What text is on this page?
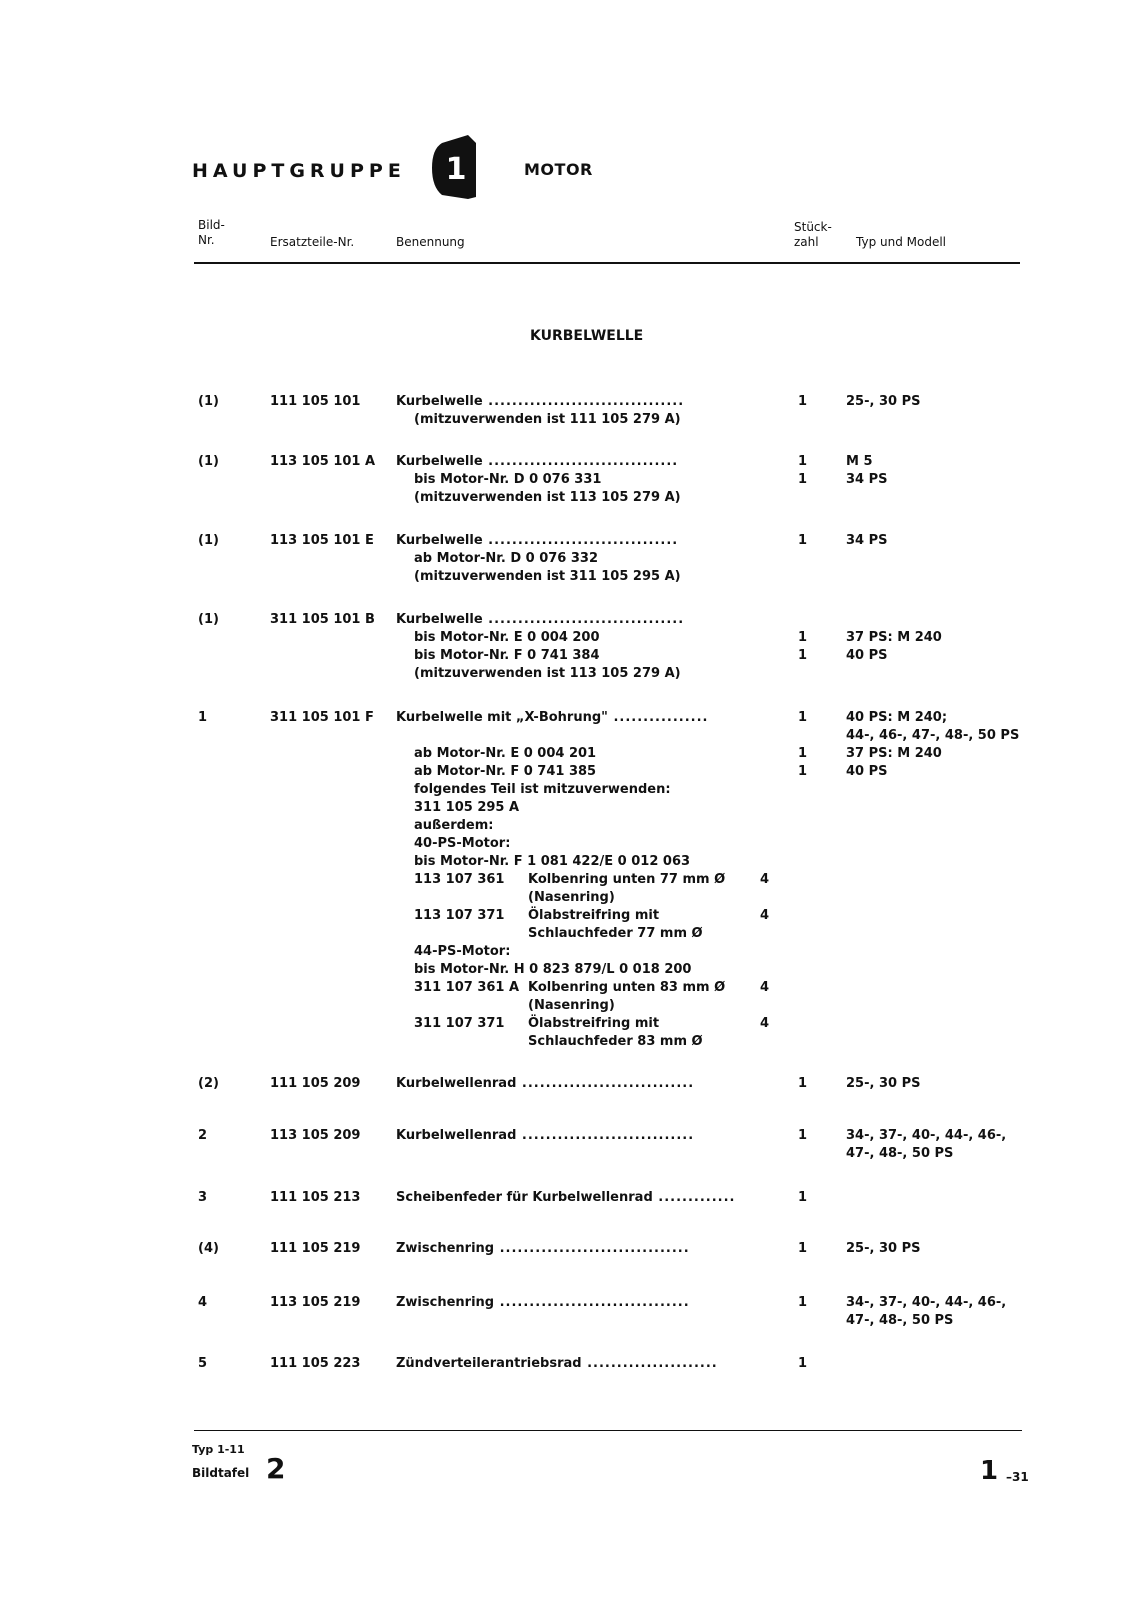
HAUPTGRUPPE 1	MOTOR
Bild-
Nr.	Ersatzteile-Nr.	Benennung
Stück-
zahl	Typ und Modell
KURBELWELLE
(1)	111 105 101	Kurbelwelle .................................	1	25-, 30 PS
(mitzuverwenden ist 111 105 279 A)
(1)	113 105 101 A Kurbelwelle ................................	1	M 5
bis Motor-Nr. D 0 076 331	1	34 PS
(mitzuverwenden ist 113 105 279 A)
(1)	113 105 101 E Kurbelwelle ................................	1	34 PS
ab Motor-Nr. D 0 076 332
(mitzuverwenden ist 311 105 295 A)
(1)	311 105 101 B Kurbelwelle .................................
bis Motor-Nr. E 0 004 200	1	37 PS: M 240
bis Motor-Nr. F 0 741 384	1	40 PS
(mitzuverwenden ist 113 105 279 A)
1	311 105 101 F Kurbelwelle mit „X-Bohrung" ................	1	40 PS: M 240;
44-, 46-, 47-, 48-, 50 PS
ab Motor-Nr. E 0 004 201	1	37 PS: M 240
ab Motor-Nr. F 0 741 385	1	40 PS
folgendes Teil ist mitzuverwenden:
311 105 295 A
außerdem:
40-PS-Motor:
bis Motor-Nr. F 1 081 422/E 0 012 063
113 107 361 Kolbenring unten 77 mm Ø	4
(Nasenring)
113 107 371 Ölabstreifring mit	4
Schlauchfeder 77 mm Ø
44-PS-Motor:
bis Motor-Nr. H 0 823 879/L 0 018 200
311 107 361 A Kolbenring unten 83 mm Ø	4
(Nasenring)
311 107 371 Ölabstreifring mit	4
Schlauchfeder 83 mm Ø
(2)	111 105 209	Kurbelwellenrad .............................	1	25-, 30 PS
2	113 105 209	Kurbelwellenrad .............................	1	34-, 37-, 40-, 44-, 46-,
47-, 48-, 50 PS
3	111 105 213	Scheibenfeder für Kurbelwellenrad .............	1
(4)	111 105 219	Zwischenring ................................	1	25-, 30 PS
4	113 105 219	Zwischenring ................................	1	34-, 37-, 40-, 44-, 46-,
47-, 48-, 50 PS
5	111 105 223	Zündverteilerantriebsrad ......................	1
Typ 1-11
Bildtafel 2	1 –31
